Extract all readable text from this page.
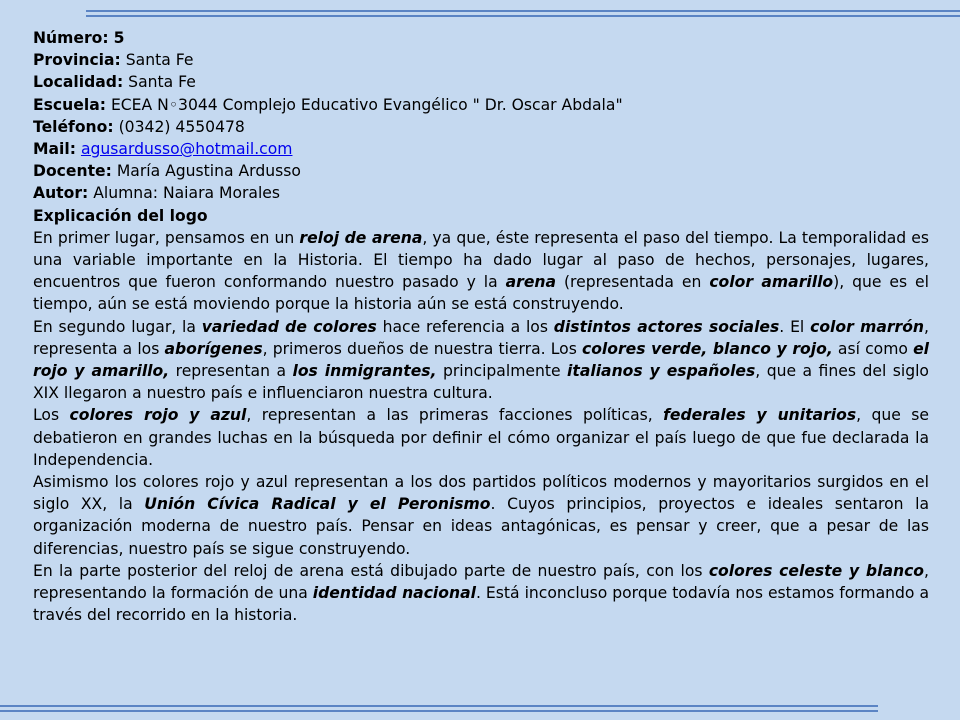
Número: 5
Provincia: Santa Fe
Localidad: Santa Fe
Escuela: ECEA N◦3044 Complejo Educativo Evangélico " Dr. Oscar Abdala"
Teléfono: (0342) 4550478
Mail: agusardusso@hotmail.com
Docente: María Agustina Ardusso
Autor: Alumna: Naiara Morales
Explicación del logo

En primer lugar, pensamos en un reloj de arena, ya que, éste representa el paso del tiempo. La temporalidad es una variable importante en la Historia. El tiempo ha dado lugar al paso de hechos, personajes, lugares, encuentros que fueron conformando nuestro pasado y la arena (representada en color amarillo), que es el tiempo, aún se está moviendo porque la historia aún se está construyendo.

En segundo lugar, la variedad de colores hace referencia a los distintos actores sociales. El color marrón, representa a los aborígenes, primeros dueños de nuestra tierra. Los colores verde, blanco y rojo, así como el rojo y amarillo, representan a los inmigrantes, principalmente italianos y españoles, que a fines del siglo XIX llegaron a nuestro país e influenciaron nuestra cultura.

Los colores rojo y azul, representan a las primeras facciones políticas, federales y unitarios, que se debatieron en grandes luchas en la búsqueda por definir el cómo organizar el país luego de que fue declarada la Independencia.

Asimismo los colores rojo y azul representan a los dos partidos políticos modernos y mayoritarios surgidos en el siglo XX, la Unión Cívica Radical y el Peronismo. Cuyos principios, proyectos e ideales sentaron la organización moderna de nuestro país. Pensar en ideas antagónicas, es pensar y creer, que a pesar de las diferencias, nuestro país se sigue construyendo.

En la parte posterior del reloj de arena está dibujado parte de nuestro país, con los colores celeste y blanco, representando la formación de una identidad nacional. Está inconcluso porque todavía nos estamos formando a través del recorrido en la historia.
